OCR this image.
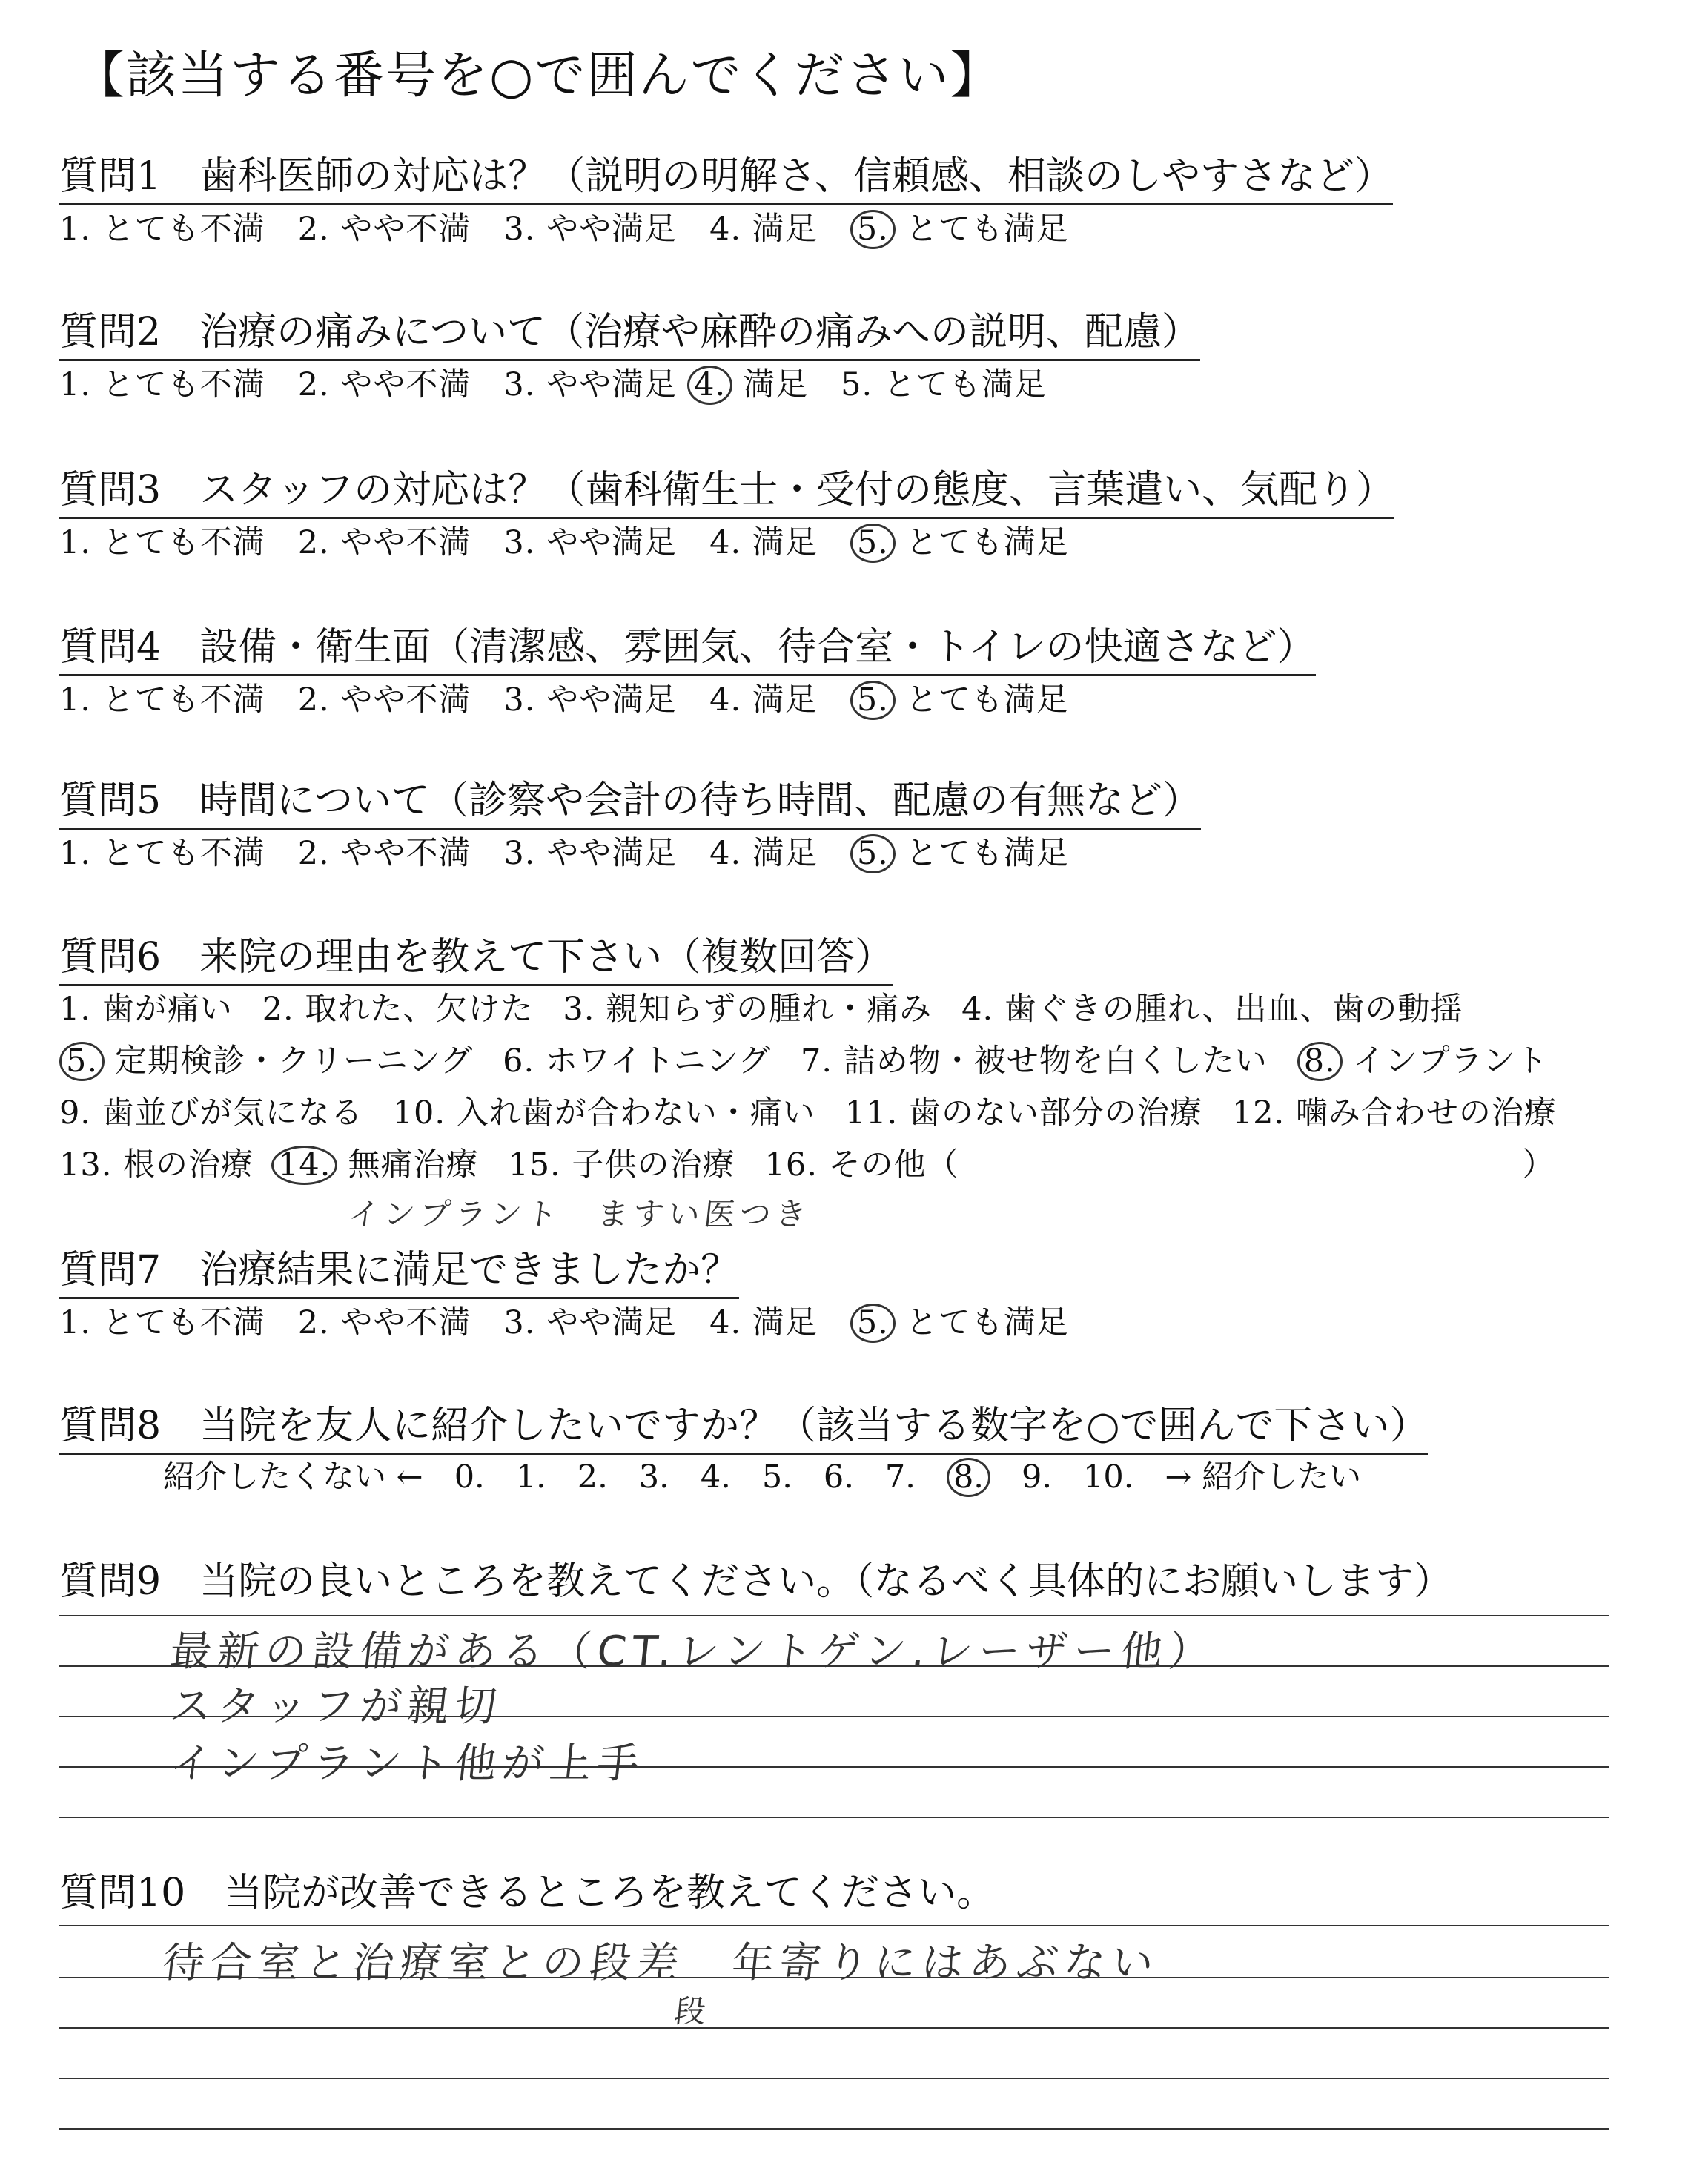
【該当する番号を○で囲んでください】
質問1　歯科医師の対応は？（説明の明解さ、信頼感、相談のしやすさなど）
1. とても不満 2. やや不満 3. やや満足 4. 満足 5. とても満足
質問2　治療の痛みについて（治療や麻酔の痛みへの説明、配慮）
1. とても不満 2. やや不満 3. やや満足 4. 満足 5. とても満足
質問3　スタッフの対応は？（歯科衛生士・受付の態度、言葉遣い、気配り）
1. とても不満 2. やや不満 3. やや満足 4. 満足 5. とても満足
質問4　設備・衛生面（清潔感、雰囲気、待合室・トイレの快適さなど）
1. とても不満 2. やや不満 3. やや満足 4. 満足 5. とても満足
質問5　時間について（診察や会計の待ち時間、配慮の有無など）
1. とても不満 2. やや不満 3. やや満足 4. 満足 5. とても満足
質問6　来院の理由を教えて下さい（複数回答）
1. 歯が痛い 2. 取れた、欠けた 3. 親知らずの腫れ・痛み 4. 歯ぐきの腫れ、出血、歯の動揺
5. 定期検診・クリーニング 6. ホワイトニング 7. 詰め物・被せ物を白くしたい 8. インプラント
9. 歯並びが気になる 10. 入れ歯が合わない・痛い 11. 歯のない部分の治療 12. 噛み合わせの治療
13. 根の治療 14. 無痛治療 15. 子供の治療 16. その他（	）
インプラント　ますい医つき
質問7　治療結果に満足できましたか？
1. とても不満 2. やや不満 3. やや満足 4. 満足 5. とても満足
質問8　当院を友人に紹介したいですか？（該当する数字を○で囲んで下さい）
紹介したくない ← 0. 1. 2. 3. 4. 5. 6. 7. 8. 9. 10. → 紹介したい
質問9　当院の良いところを教えてください。（なるべく具体的にお願いします）
最新の設備がある（CT.レントゲン.レーザー他）
スタッフが親切
インプラント他が上手
質問10　当院が改善できるところを教えてください。
待合室と治療室との段差　年寄りにはあぶない
段
